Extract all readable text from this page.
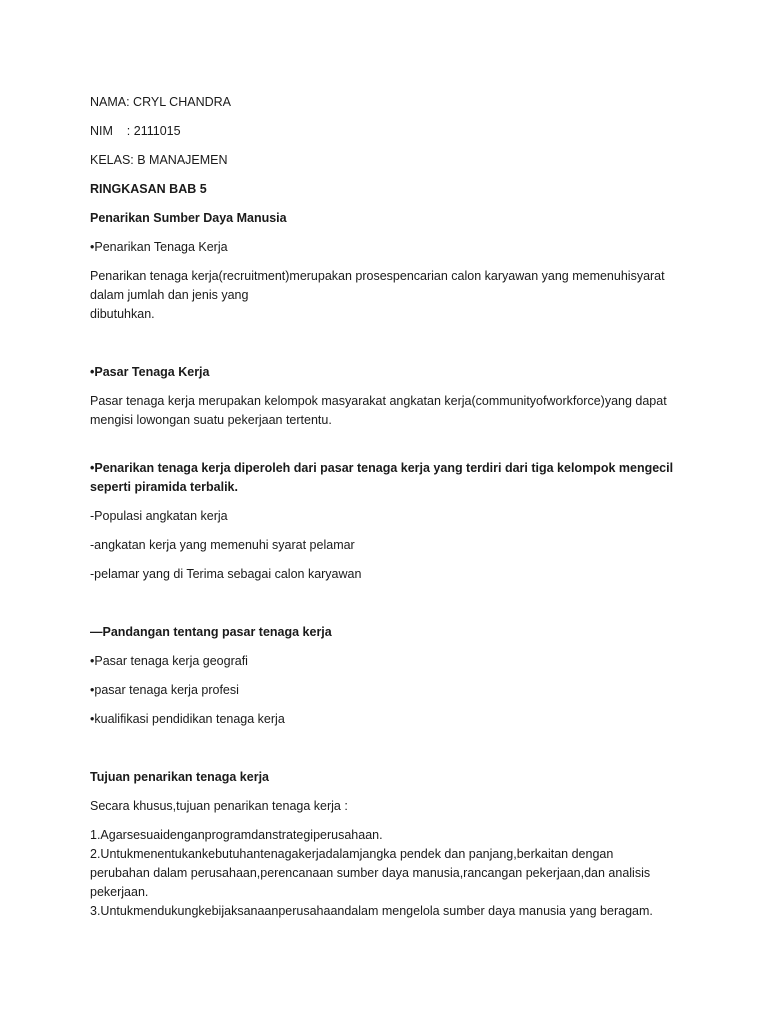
NAMA: CRYL CHANDRA
NIM    : 2111015
KELAS: B MANAJEMEN
RINGKASAN BAB 5
Penarikan Sumber Daya Manusia
•Penarikan Tenaga Kerja
Penarikan tenaga kerja(recruitment)merupakan prosespencarian calon karyawan yang memenuhisyarat
dalam jumlah dan jenis yang
dibutuhkan.
•Pasar Tenaga Kerja
Pasar tenaga kerja merupakan kelompok masyarakat angkatan kerja(communityofworkforce)yang dapat
mengisi lowongan suatu pekerjaan tertentu.
•Penarikan tenaga kerja diperoleh dari pasar tenaga kerja yang terdiri dari tiga kelompok mengecil
seperti piramida terbalik.
-Populasi angkatan kerja
-angkatan kerja yang memenuhi syarat pelamar
-pelamar yang di Terima sebagai calon karyawan
—Pandangan tentang pasar tenaga kerja
•Pasar tenaga kerja geografi
•pasar tenaga kerja profesi
•kualifikasi pendidikan tenaga kerja
Tujuan penarikan tenaga kerja
Secara khusus,tujuan penarikan tenaga kerja :
1.Agarsesuaidenganprogramdanstrategiperusahaan.
2.Untukmenentukankebutuhantenagakerjadalamjangka pendek dan panjang,berkaitan dengan
perubahan dalam perusahaan,perencanaan sumber daya manusia,rancangan pekerjaan,dan analisis
pekerjaan.
3.Untukmendukungkebijaksanaanperusahaandalam mengelola sumber daya manusia yang beragam.
